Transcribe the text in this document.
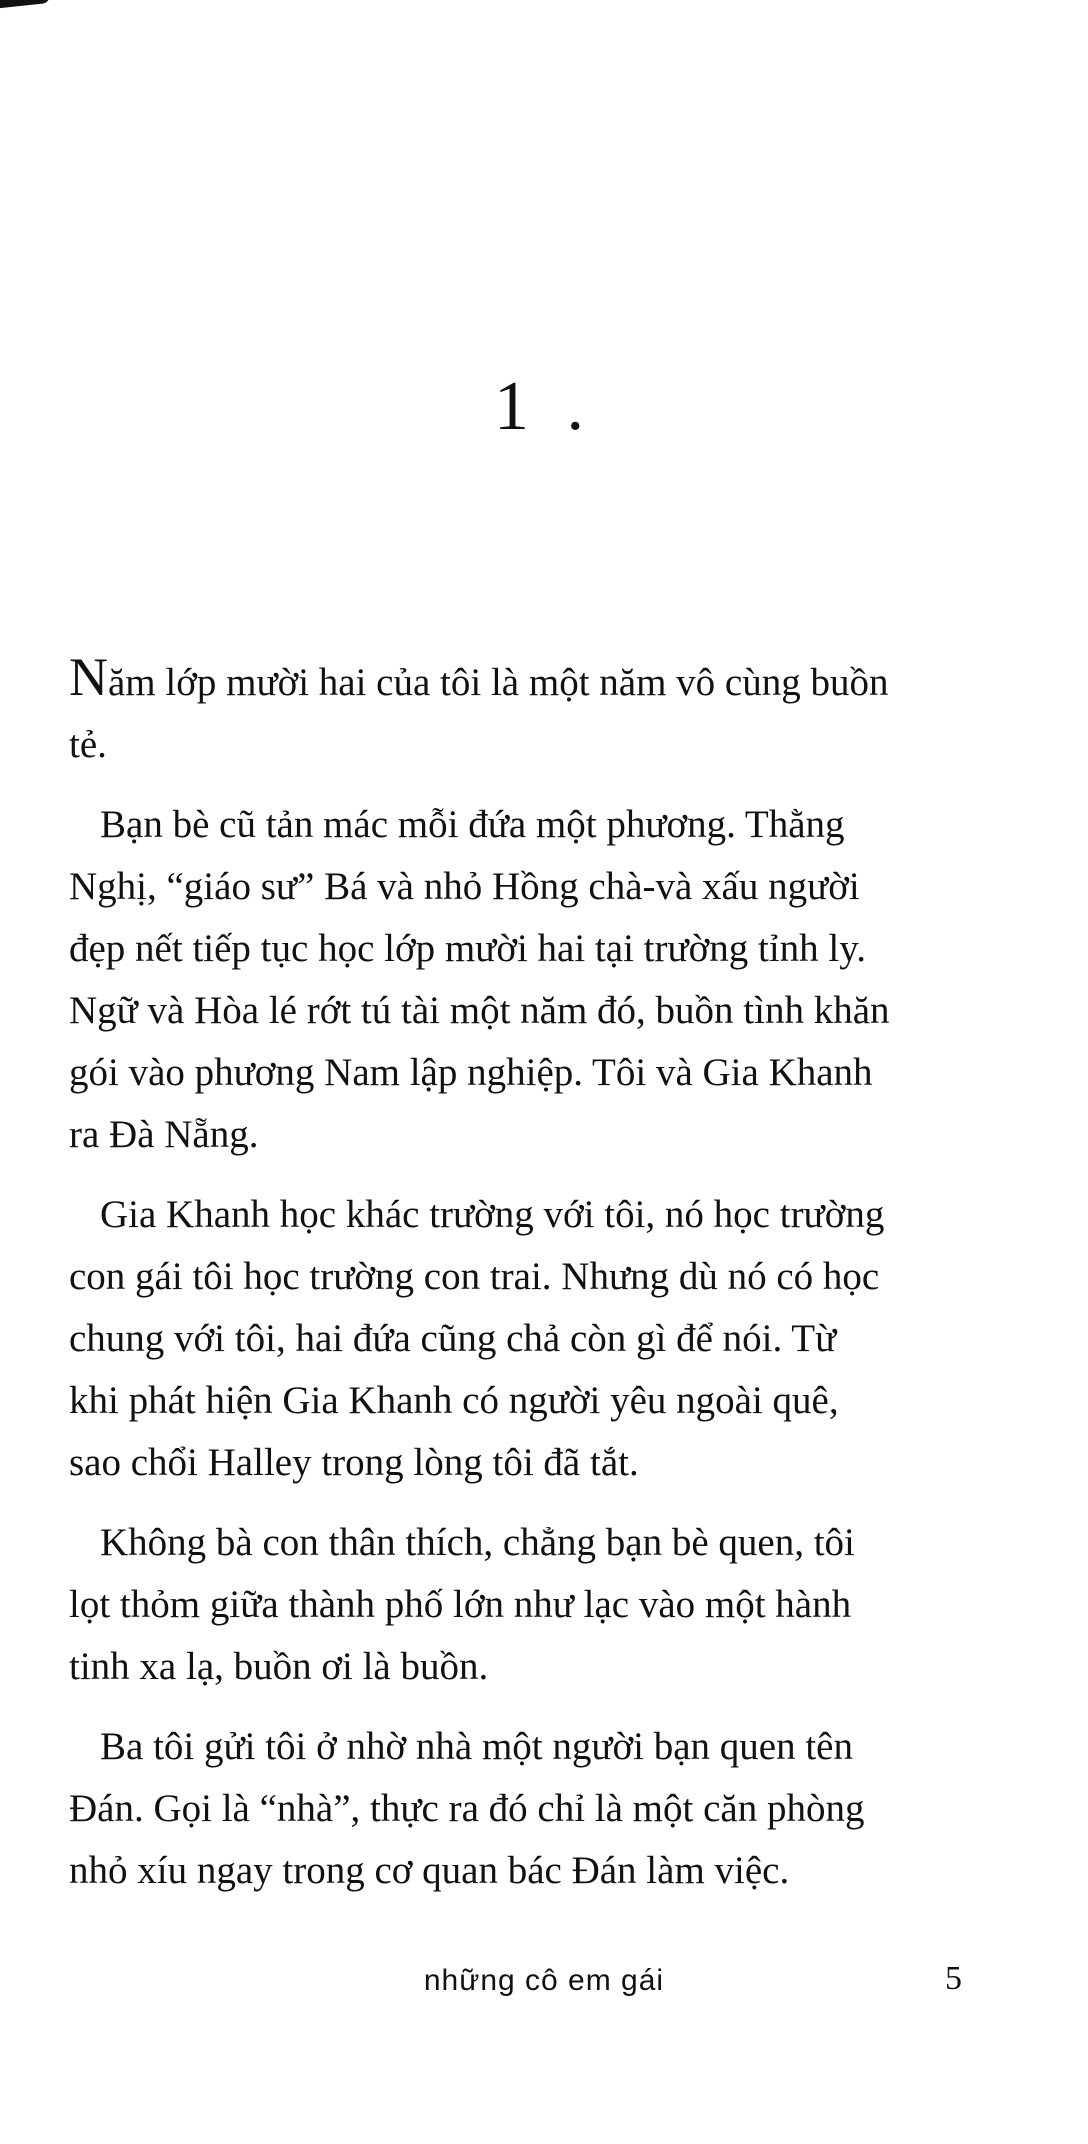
1 .

Năm lớp mười hai của tôi là một năm vô cùng buồn
tẻ.

Bạn bè cũ tản mác mỗi đứa một phương. Thằng
Nghị, “giáo sư” Bá và nhỏ Hồng chà-và xấu người
đẹp nết tiếp tục học lớp mười hai tại trường tỉnh ly.
Ngữ và Hòa lé rớt tú tài một năm đó, buồn tình khăn
gói vào phương Nam lập nghiệp. Tôi và Gia Khanh
ra Đà Nẵng.

Gia Khanh học khác trường với tôi, nó học trường
con gái tôi học trường con trai. Nhưng dù nó có học
chung với tôi, hai đứa cũng chả còn gì để nói. Từ
khi phát hiện Gia Khanh có người yêu ngoài quê,
sao chổi Halley trong lòng tôi đã tắt.

Không bà con thân thích, chẳng bạn bè quen, tôi
lọt thỏm giữa thành phố lớn như lạc vào một hành
tinh xa lạ, buồn ơi là buồn.

Ba tôi gửi tôi ở nhờ nhà một người bạn quen tên
Đán. Gọi là “nhà”, thực ra đó chỉ là một căn phòng
nhỏ xíu ngay trong cơ quan bác Đán làm việc.

những cô em gái	5
